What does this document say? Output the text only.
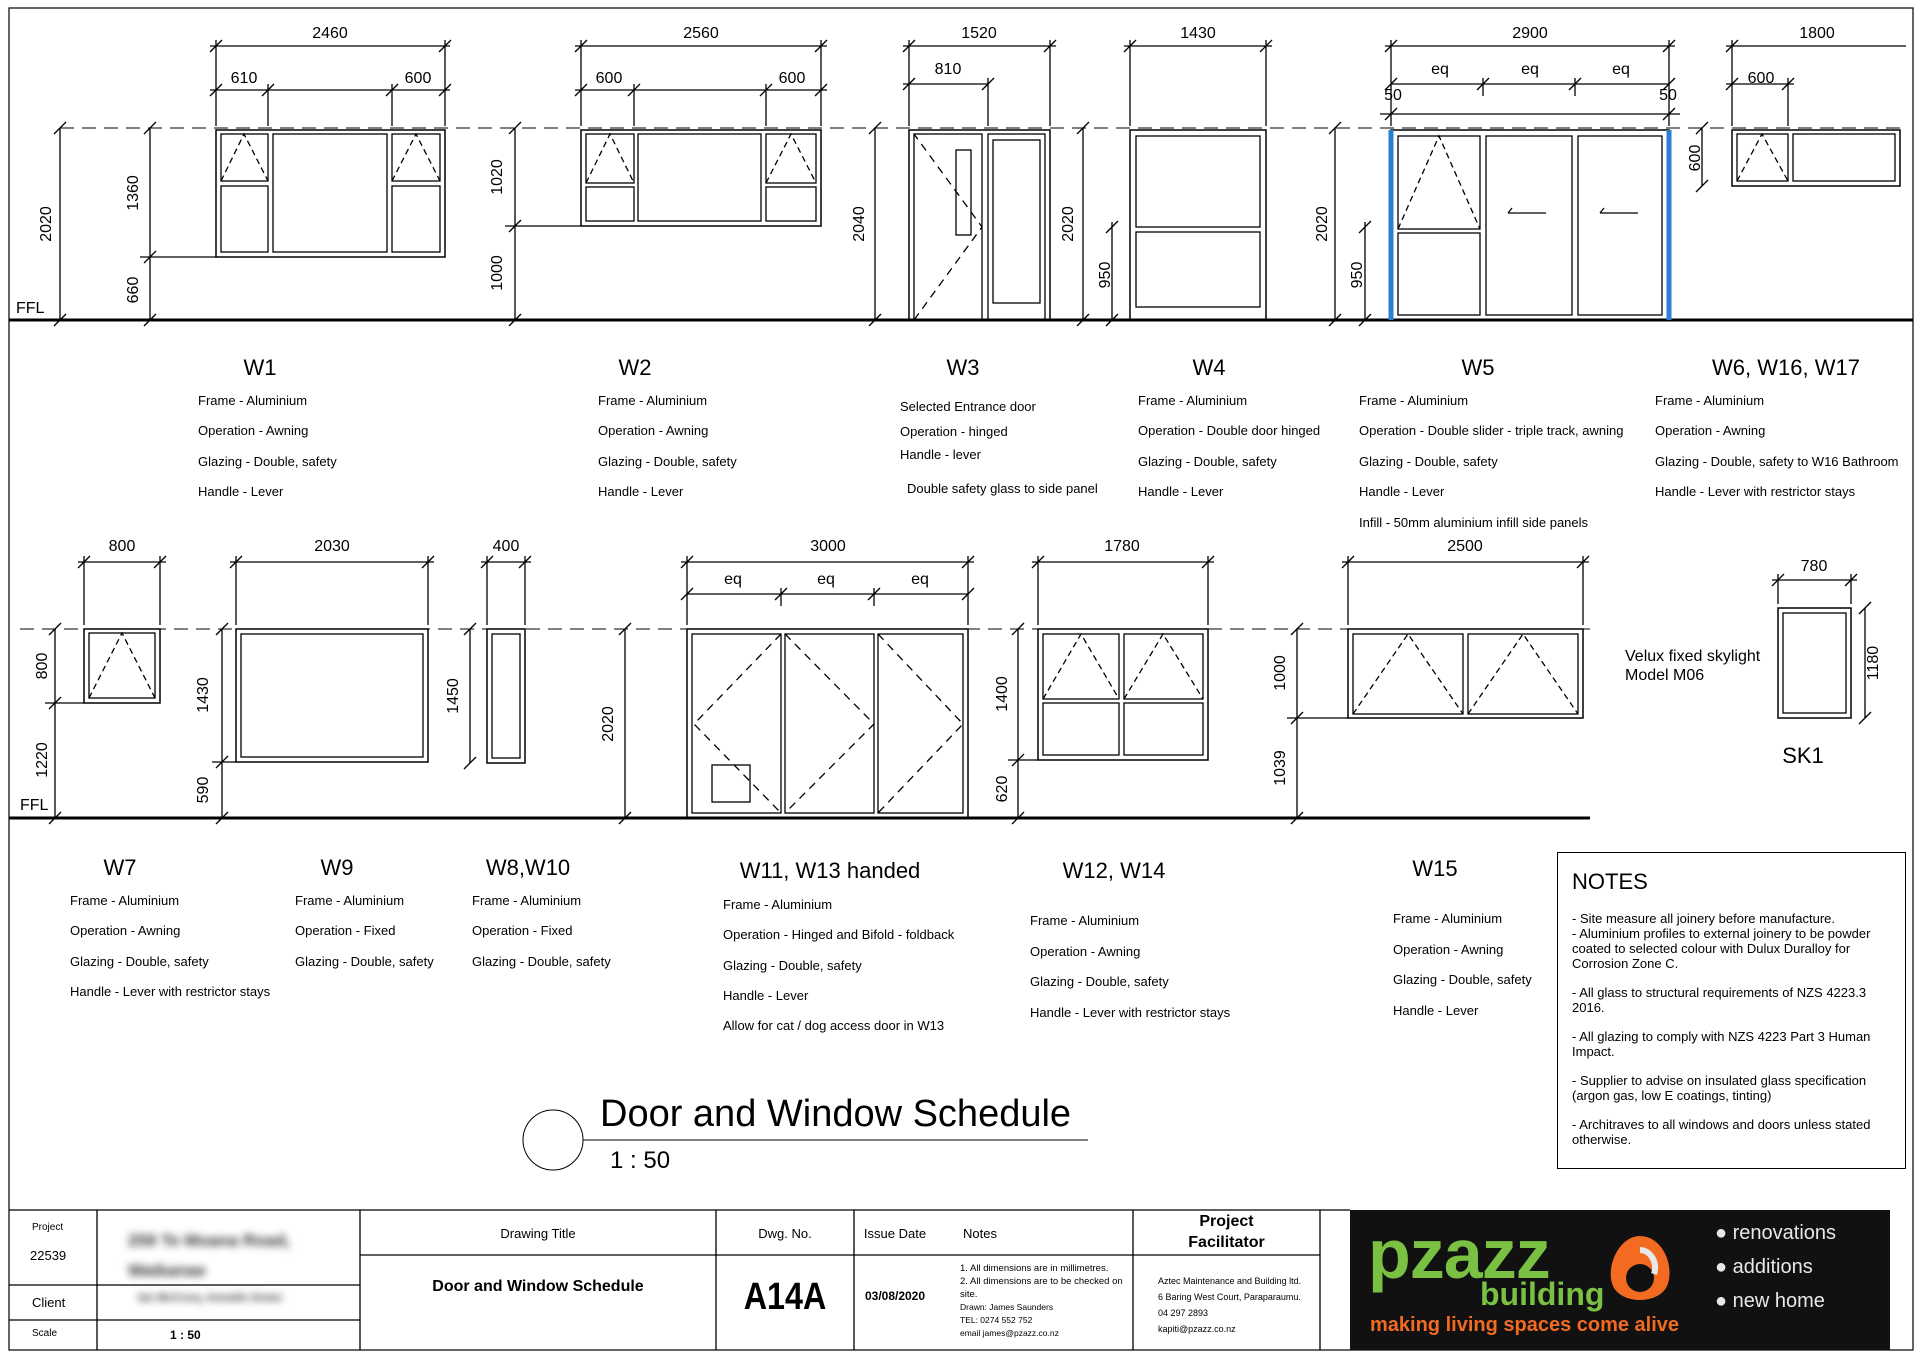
FFL
FFL
2460
610	600
2020
1360
660
W1
Frame - Aluminium
Operation - Awning
Glazing - Double, safety
Handle - Lever
2560
600	600
1020
1000
W2
Frame - Aluminium
Operation - Awning
Glazing - Double, safety
Handle - Lever
1520
810
2040	2020
W3
Selected Entrance door
Operation - hinged
Handle - lever
Double safety glass to side panel
1430
950
W4
Frame - Aluminium
Operation - Double door hinged
Glazing - Double, safety
Handle - Lever
2900
eq	eq	eq
50	50
2020
950
W5
Frame - Aluminium
Operation - Double slider - triple track, awning
Glazing - Double, safety
Handle - Lever
Infill - 50mm aluminium infill side panels
1800
600
600
W6, W16, W17
Frame - Aluminium
Operation - Awning
Glazing - Double, safety to W16 Bathroom
Handle - Lever with restrictor stays
800
800
1220
W7
Frame - Aluminium
Operation - Awning
Glazing - Double, safety
Handle - Lever with restrictor stays
2030
1430
590
W9
Frame - Aluminium
Operation - Fixed
Glazing - Double, safety
400
1450
W8,W10
Frame - Aluminium
Operation - Fixed
Glazing - Double, safety
3000
eq	eq	eq
2020
W11, W13 handed
Frame - Aluminium
Operation - Hinged and Bifold - foldback
Glazing - Double, safety
Handle - Lever
Allow for cat / dog access door in W13
1780
1400
620
W12, W14
Frame - Aluminium
Operation - Awning
Glazing - Double, safety
Handle - Lever with restrictor stays
2500
1000
1039
W15
Frame - Aluminium
Operation - Awning
Glazing - Double, safety
Handle - Lever
780
1180
Velux fixed skylight
Model M06
SK1
Door and Window Schedule
1 : 50
NOTES
- Site measure all joinery before manufacture.
- Aluminium profiles to external joinery to be powder coated to selected colour with Dulux Duralloy for Corrosion Zone C.
- All glass to structural requirements of NZS 4223.3 2016.
- All glazing to comply with NZS 4223 Part 3 Human Impact.
- Supplier to advise on insulated glass specification (argon gas, low E coatings, tinting)
- Architraves to all windows and doors unless stated otherwise.
Project
22539
259 Te Moana Road, Waikanae
Client	Ian McCrory, Annette Green
Scale	1 : 50
Drawing Title
Door and Window Schedule
Dwg. No.
A14A
Issue Date
03/08/2020
Notes
1. All dimensions are in millimetres.
2. All dimensions are to be checked on site.
Drawn: James Saunders
TEL: 0274 552 752
email james@pzazz.co.nz
Project
Facilitator
Aztec Maintenance and Building ltd.
6 Baring West Court, Paraparaumu.
04 297 2893
kapiti@pzazz.co.nz
pzazz
building
making living spaces come alive
● renovations
● additions
● new home
